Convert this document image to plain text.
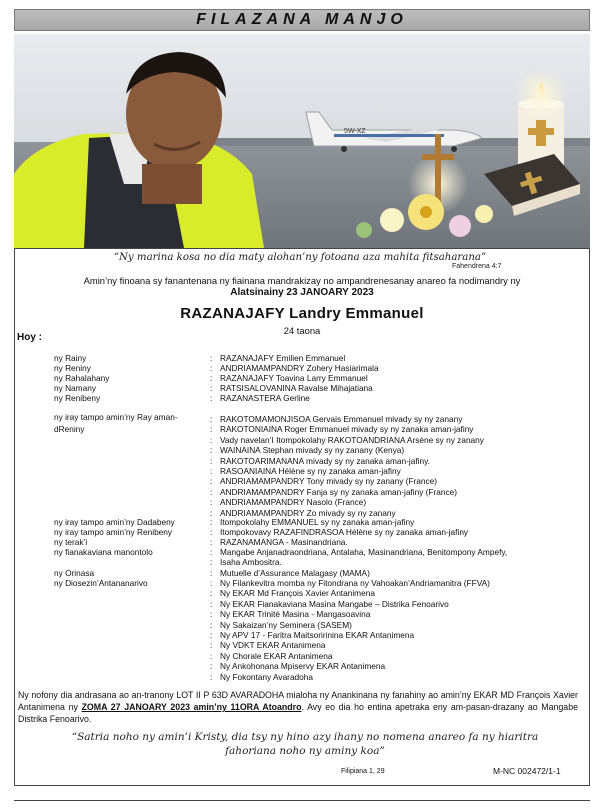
FILAZANA MANJO
5W-XZ
“Ny marina kosa no dia maty alohan’ny fotoana aza mahita fitsaharana”
Fahendrena 4:7
Amin’ny finoana sy fanantenana ny fiainana mandrakizay no ampandrenesanay anareo fa nodimandry ny
Alatsinainy 23 JANOARY 2023
RAZANAJAFY Landry Emmanuel
24 taona
Hoy :
ny Rainy	: RAZANAJAFY Emilien Emmanuel
ny Reniny	: ANDRIAMAMPANDRY Zohery Hasiarimala
ny Rahalahany	: RAZANAJAFY Toavina Larry Emmanuel
ny Namany	: RATSISALOVANINA Ravalse Mihajatiana
ny Renibeny	: RAZANASTERA Gerline
ny iray tampo amin’ny Ray aman-dReniny
: RAKOTOMAMONJISOA Gervais Emmanuel mivady sy ny zanany
: RAKOTONIAINA Roger Emmanuel mivady sy ny zanaka aman-jafiny
: Vady navelan’I Itompokolahy RAKOTOANDRIANA Arsène sy ny zanany
: WAINAINA Stephan mivady sy ny zanany (Kenya)
: RAKOTOARIMANANA mivady sy ny zanaka aman-jafiny.
: RASOANIAINA Hélène sy ny zanaka aman-jafiny
: ANDRIAMAMPANDRY Tony mivady sy ny zanany (France)
: ANDRIAMAMPANDRY Fanja sy ny zanaka aman-jafiny (France)
: ANDRIAMAMPANDRY Nasolo (France)
: ANDRIAMAMPANDRY Zo mivady sy ny zanany
ny iray tampo amin’ny Dadabeny	: Itompokolahy EMMANUEL sy ny zanaka aman-jafiny
ny iray tampo amin’ny Renibeny	: Itompokovavy RAZAFINDRASOA Hélène sy ny zanaka aman-jafiny
ny terak’i	: RAZANAMANGA - Masinandriana.
ny fianakaviana manontolo	: Mangabe Anjanadraondriana, Antalaha, Masinandriana, Benitompony Ampefy,
: Isaha Ambositra.
ny Orinasa	: Mutuelle d’Assurance Malagasy (MAMA)
ny Diosezin’Antananarivo	: Ny Filankevitra momba ny Fitondrana ny Vahoakan’Andriamanitra (FFVA)
: Ny EKAR Md François Xavier Antanimena
: Ny EKAR Fianakaviana Masina Mangabe – Distrika Fenoarivo
: Ny EKAR Trinité Masina - Mangasoavina
: Ny Sakaizan’ny Seminera (SASEM)
: Ny APV 17 - Faritra Maitsoririnina EKAR Antanimena
: Ny VDKT EKAR Antanimena
: Ny Chorale EKAR Antanimena
: Ny Ankohonana Mpiservy EKAR Antanimena
: Ny Fokontany Avaradoha
Ny nofony dia andrasana ao an-tranony LOT II P 63D AVARADOHA mialoha ny Anankinana ny fanahiny ao amin’ny EKAR MD François Xavier Antanimena ny ZOMA 27 JANOARY 2023 amin’ny 11ORA Atoandro. Avy eo dia ho entina apetraka eny am-pasan-drazany ao Mangabe Distrika Fenoarivo.
“Satria noho ny amin’i Kristy, dia tsy ny hino azy ihany no nomena anareo fa ny hiaritra fahoriana noho ny aminy koa”
Filipiana 1, 29	M-NC 002472/1-1
